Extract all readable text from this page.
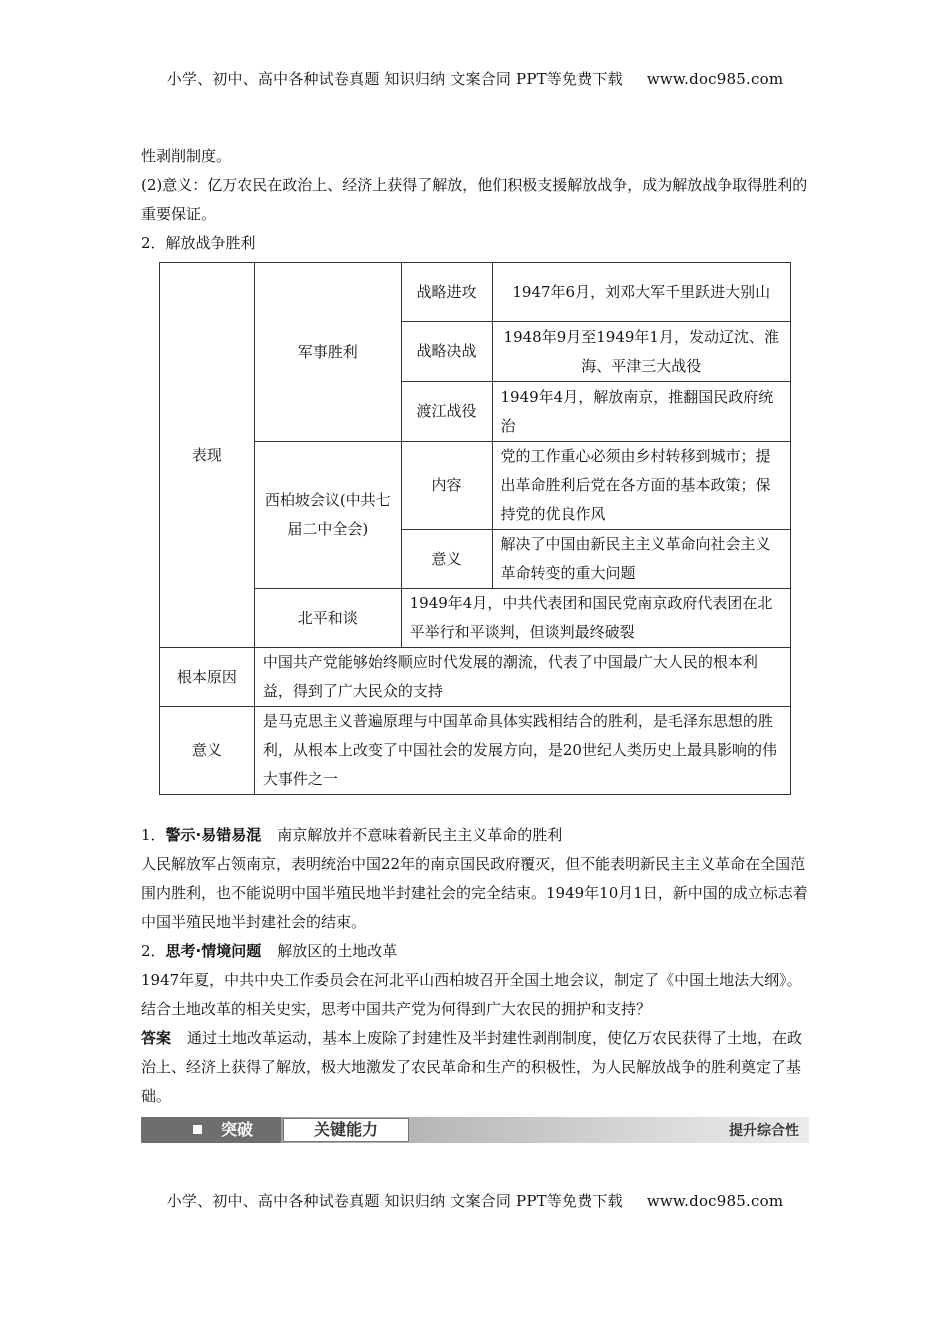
小学、初中、高中各种试卷真题 知识归纳 文案合同 PPT等免费下载 www.doc985.com

性剥削制度。

(2)意义：亿万农民在政治上、经济上获得了解放，他们积极支援解放战争，成为解放战争取得胜利的重要保证。

2．解放战争胜利

表现	军事胜利	战略进攻	1947年6月，刘邓大军千里跃进大别山
		战略决战	1948年9月至1949年1月，发动辽沈、淮海、平津三大战役
		渡江战役	1949年4月，解放南京，推翻国民政府统治
	西柏坡会议(中共七届二中全会)	内容	党的工作重心必须由乡村转移到城市；提出革命胜利后党在各方面的基本政策；保持党的优良作风
		意义	解决了中国由新民主主义革命向社会主义革命转变的重大问题
	北平和谈	1949年4月，中共代表团和国民党南京政府代表团在北平举行和平谈判，但谈判最终破裂	
根本原因	中国共产党能够始终顺应时代发展的潮流，代表了中国最广大人民的根本利益，得到了广大民众的支持		
意义	是马克思主义普遍原理与中国革命具体实践相结合的胜利，是毛泽东思想的胜利，从根本上改变了中国社会的发展方向，是20世纪人类历史上最具影响的伟大事件之一		

1．警示·易错易混 南京解放并不意味着新民主主义革命的胜利

人民解放军占领南京，表明统治中国22年的南京国民政府覆灭，但不能表明新民主主义革命在全国范围内胜利，也不能说明中国半殖民地半封建社会的完全结束。1949年10月1日，新中国的成立标志着中国半殖民地半封建社会的结束。

2．思考·情境问题 解放区的土地改革

1947年夏，中共中央工作委员会在河北平山西柏坡召开全国土地会议，制定了《中国土地法大纲》。结合土地改革的相关史实，思考中国共产党为何得到广大农民的拥护和支持？

答案 通过土地改革运动，基本上废除了封建性及半封建性剥削制度，使亿万农民获得了土地，在政治上、经济上获得了解放，极大地激发了农民革命和生产的积极性，为人民解放战争的胜利奠定了基础。

突破	关键能力	提升综合性
小学、初中、高中各种试卷真题 知识归纳 文案合同 PPT等免费下载 www.doc985.com
